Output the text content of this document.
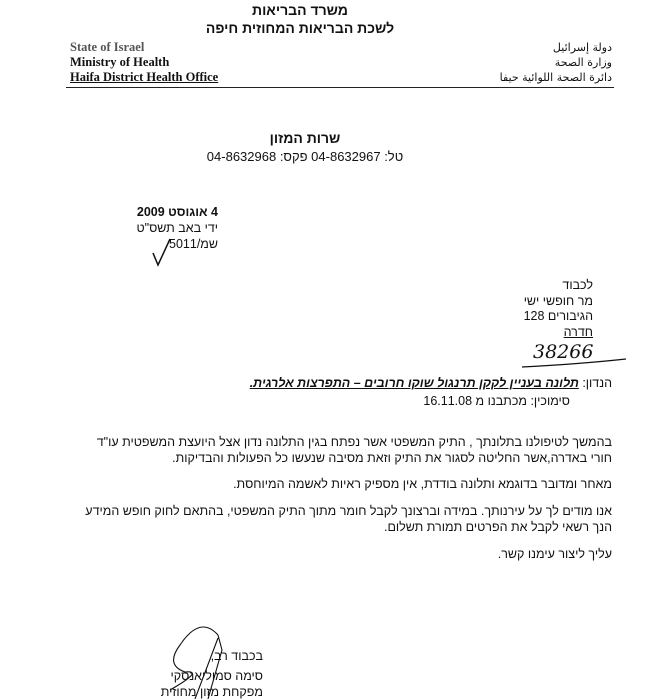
משרד הבריאות
לשכת הבריאות המחוזית חיפה
State of Israel
Ministry of Health
Haifa District Health Office
دولة إسرائيل
وزارة الصحة
دائرة الصحة اللوائية حيفا
שרות המזון
טל: 04-8632967 פקס: 04-8632968
4 אוגוסט 2009
ידי באב תשס"ט
שמ/5011
לכבוד
מר חופשי ישי
הגיבורים 128
חדרה
38266
הנדון: תלונה בעניין לקקן תרנגול שוקו חרובים – התפרצות אלרגית.
סימוכין: מכתבנו מ 16.11.08
בהמשך לטיפולנו בתלונתך , התיק המשפטי אשר נפתח בגין התלונה נדון אצל היועצת המשפטית עו"ד
חורי באדרה,אשר החליטה לסגור את התיק וזאת מסיבה שנעשו כל הפעולות והבדיקות.
מאחר ומדובר בדוגמא ותלונה בודדת, אין מספיק ראיות לאשמה המיוחסת.
אנו מודים לך על עירנותך. במידה וברצונך לקבל חומר מתוך התיק המשפטי, בהתאם לחוק חופש המידע
הנך רשאי לקבל את הפרטים תמורת תשלום.
עליך ליצור עימנו קשר.
בכבוד רב,
סימה סמוליאנסקי
מפקחת מזון מחוזית
